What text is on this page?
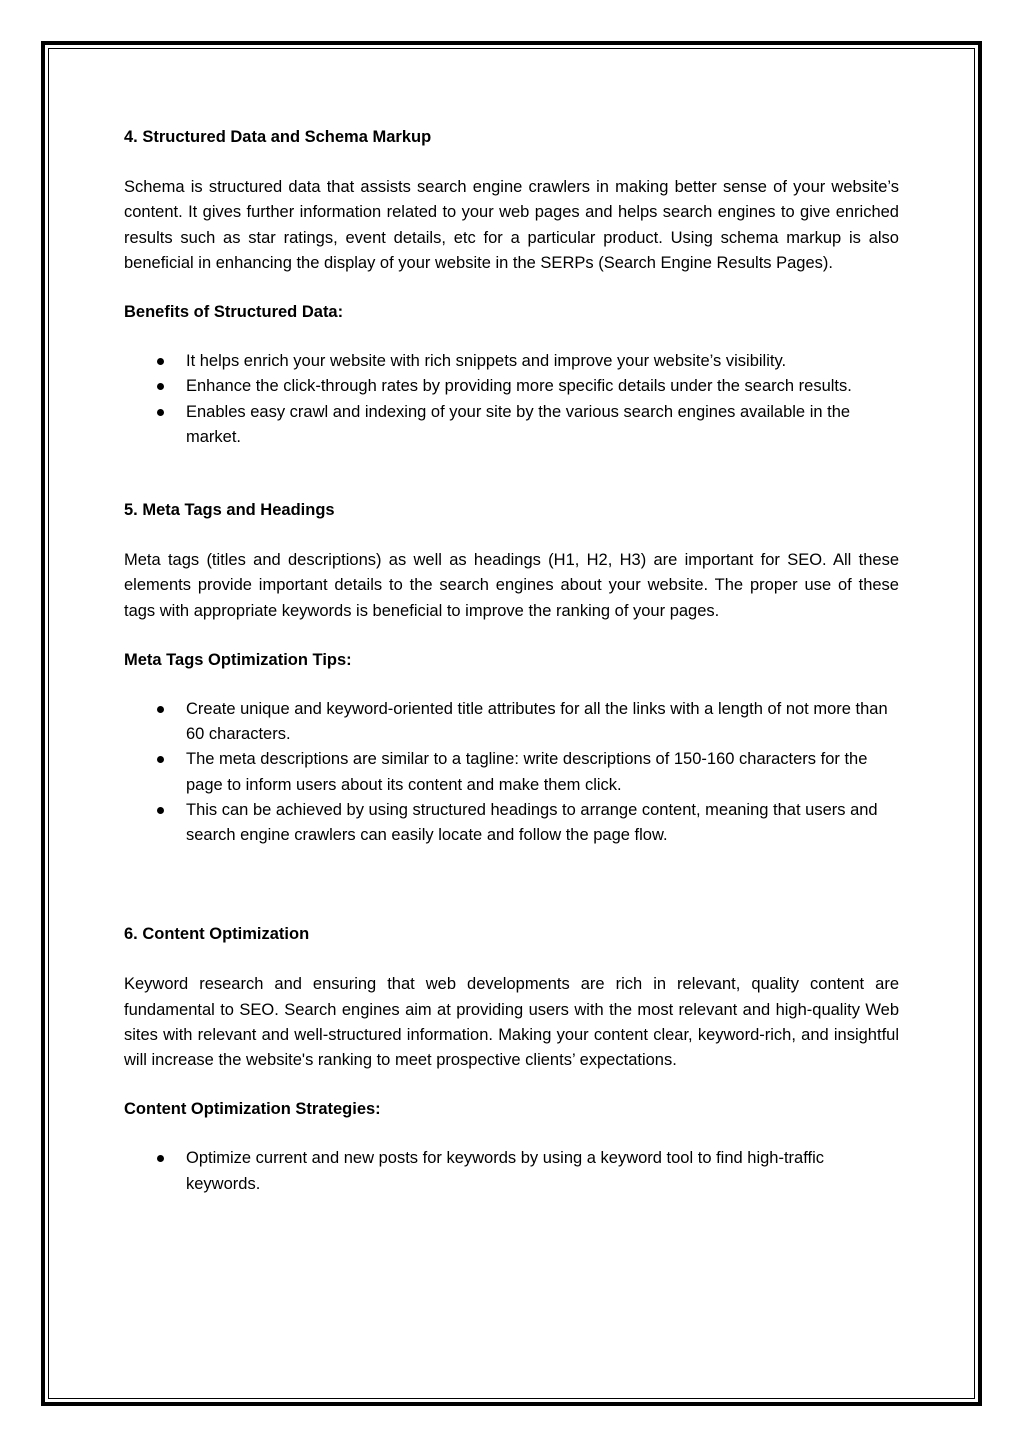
4. Structured Data and Schema Markup

Schema is structured data that assists search engine crawlers in making better sense of your website’s content. It gives further information related to your web pages and helps search engines to give enriched results such as star ratings, event details, etc for a particular product. Using schema markup is also beneficial in enhancing the display of your website in the SERPs (Search Engine Results Pages).

Benefits of Structured Data:

It helps enrich your website with rich snippets and improve your website’s visibility.
Enhance the click-through rates by providing more specific details under the search results.
Enables easy crawl and indexing of your site by the various search engines available in the market.

5. Meta Tags and Headings

Meta tags (titles and descriptions) as well as headings (H1, H2, H3) are important for SEO. All these elements provide important details to the search engines about your website. The proper use of these tags with appropriate keywords is beneficial to improve the ranking of your pages.

Meta Tags Optimization Tips:

Create unique and keyword-oriented title attributes for all the links with a length of not more than 60 characters.
The meta descriptions are similar to a tagline: write descriptions of 150-160 characters for the page to inform users about its content and make them click.
This can be achieved by using structured headings to arrange content, meaning that users and search engine crawlers can easily locate and follow the page flow.

6. Content Optimization

Keyword research and ensuring that web developments are rich in relevant, quality content are fundamental to SEO. Search engines aim at providing users with the most relevant and high-quality Web sites with relevant and well-structured information. Making your content clear, keyword-rich, and insightful will increase the website's ranking to meet prospective clients’ expectations.

Content Optimization Strategies:

Optimize current and new posts for keywords by using a keyword tool to find high-traffic keywords.
